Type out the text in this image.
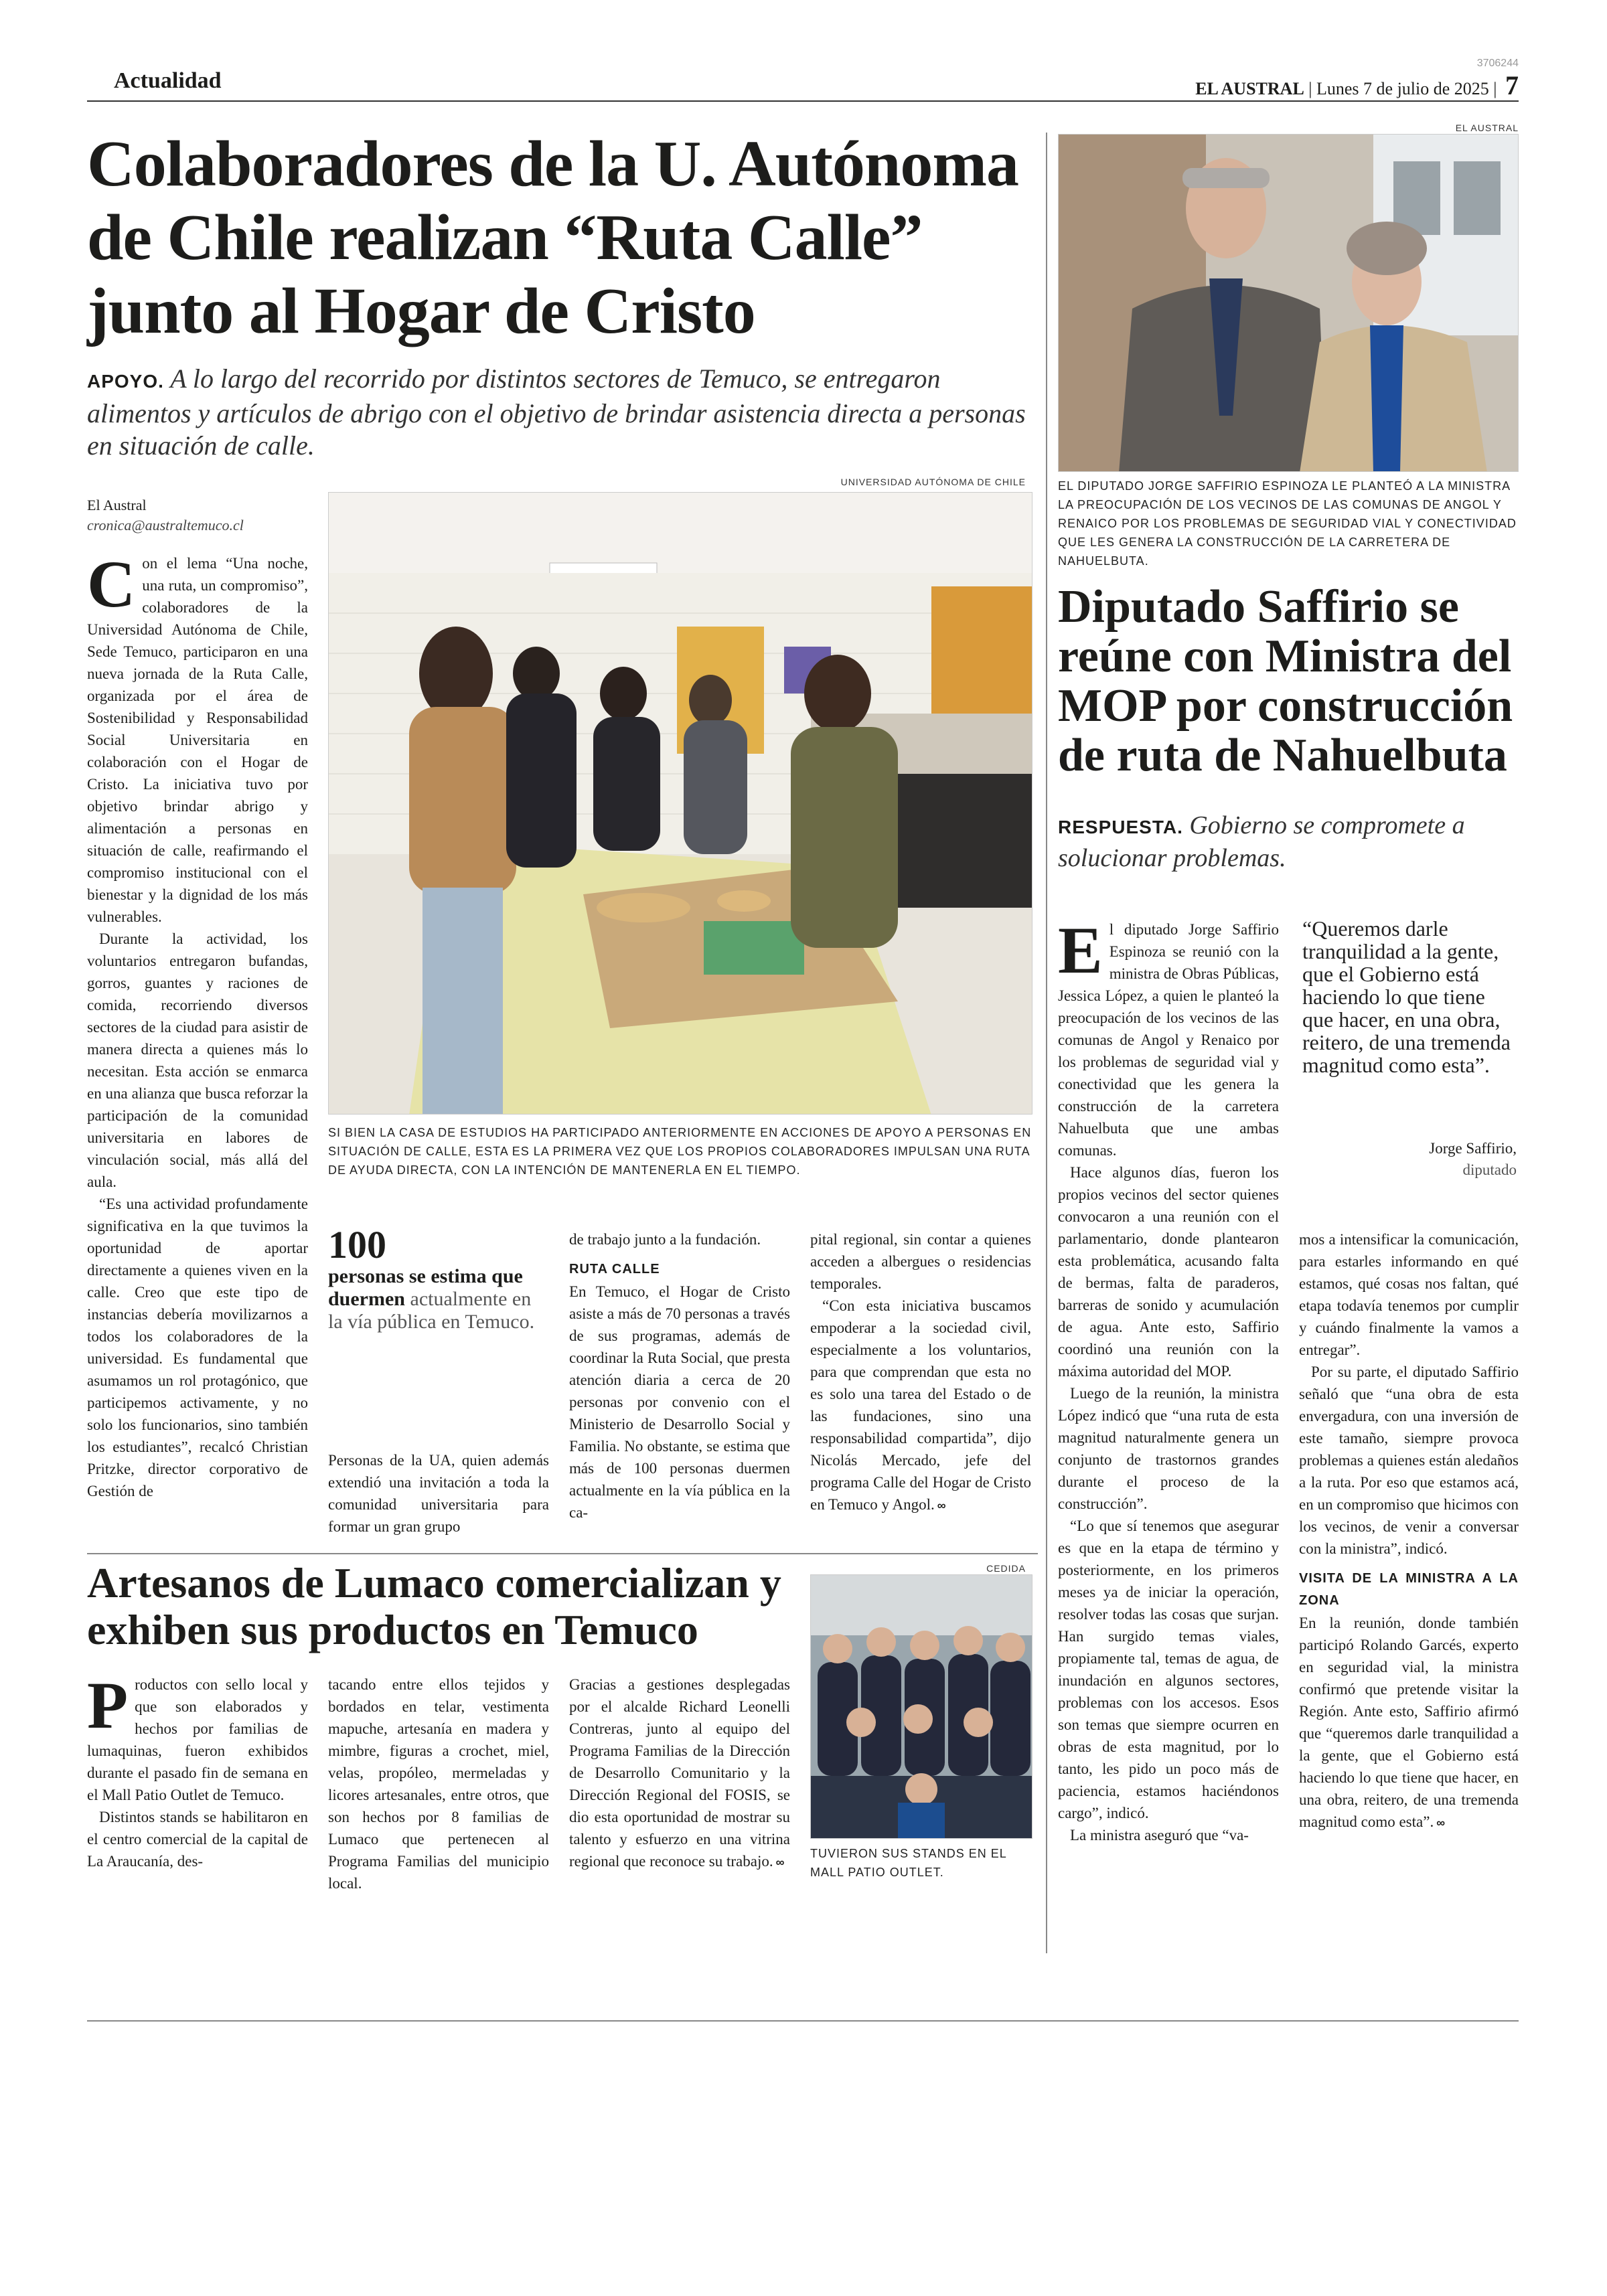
Actualidad	EL AUSTRAL | Lunes 7 de julio de 2025 | 7
3706244
Colaboradores de la U. Autónoma de Chile realizan “Ruta Calle” junto al Hogar de Cristo
APOYO. A lo largo del recorrido por distintos sectores de Temuco, se entregaron alimentos y artículos de abrigo con el objetivo de brindar asistencia directa a personas en situación de calle.
El Austral
cronica@australtemuco.cl
UNIVERSIDAD AUTÓNOMA DE CHILE
SI BIEN LA CASA DE ESTUDIOS HA PARTICIPADO ANTERIORMENTE EN ACCIONES DE APOYO A PERSONAS EN SITUACIÓN DE CALLE, ESTA ES LA PRIMERA VEZ QUE LOS PROPIOS COLABORADORES IMPULSAN UNA RUTA DE AYUDA DIRECTA, CON LA INTENCIÓN DE MANTENERLA EN EL TIEMPO.

Con el lema “Una noche, una ruta, un compromiso”, colaboradores de la Universidad Autónoma de Chile, Sede Temuco, participaron en una nueva jornada de la Ruta Calle, organizada por el área de Sostenibilidad y Responsabilidad Social Universitaria en colaboración con el Hogar de Cristo. La iniciativa tuvo por objetivo brindar abrigo y alimentación a personas en situación de calle, reafirmando el compromiso institucional con el bienestar y la dignidad de los más vulnerables.

Durante la actividad, los voluntarios entregaron bufandas, gorros, guantes y raciones de comida, recorriendo diversos sectores de la ciudad para asistir de manera directa a quienes más lo necesitan. Esta acción se enmarca en una alianza que busca reforzar la participación de la comunidad universitaria en labores de vinculación social, más allá del aula.

“Es una actividad profundamente significativa en la que tuvimos la oportunidad de aportar directamente a quienes viven en la calle. Creo que este tipo de instancias debería movilizarnos a todos los colaboradores de la universidad. Es fundamental que asumamos un rol protagónico, que participemos activamente, y no solo los funcionarios, sino también los estudiantes”, recalcó Christian Pritzke, director corporativo de Gestión de

100
personas se estima que duermen actualmente en la vía pública en Temuco.

Personas de la UA, quien además extendió una invitación a toda la comunidad universitaria para formar un gran grupo

de trabajo junto a la fundación.

RUTA CALLE

En Temuco, el Hogar de Cristo asiste a más de 70 personas a través de sus programas, además de coordinar la Ruta Social, que presta atención diaria a cerca de 20 personas por convenio con el Ministerio de Desarrollo Social y Familia. No obstante, se estima que más de 100 personas duermen actualmente en la vía pública en la ca-

pital regional, sin contar a quienes acceden a albergues o residencias temporales.

“Con esta iniciativa buscamos empoderar a la sociedad civil, especialmente a los voluntarios, para que comprendan que esta no es solo una tarea del Estado o de las fundaciones, sino una responsabilidad compartida”, dijo Nicolás Mercado, jefe del programa Calle del Hogar de Cristo en Temuco y Angol. ∞

EL AUSTRAL
EL DIPUTADO JORGE SAFFIRIO ESPINOZA LE PLANTEÓ A LA MINISTRA LA PREOCUPACIÓN DE LOS VECINOS DE LAS COMUNAS DE ANGOL Y RENAICO POR LOS PROBLEMAS DE SEGURIDAD VIAL Y CONECTIVIDAD QUE LES GENERA LA CONSTRUCCIÓN DE LA CARRETERA DE NAHUELBUTA.
Diputado Saffirio se reúne con Ministra del MOP por construcción de ruta de Nahuelbuta
RESPUESTA. Gobierno se compromete a solucionar problemas.

El diputado Jorge Saffirio Espinoza se reunió con la ministra de Obras Públicas, Jessica López, a quien le planteó la preocupación de los vecinos de las comunas de Angol y Renaico por los problemas de seguridad vial y conectividad que les genera la construcción de la carretera Nahuelbuta que une ambas comunas.

Hace algunos días, fueron los propios vecinos del sector quienes convocaron a una reunión con el parlamentario, donde plantearon esta problemática, acusando falta de bermas, falta de paraderos, barreras de sonido y acumulación de agua. Ante esto, Saffirio coordinó una reunión con la máxima autoridad del MOP.

Luego de la reunión, la ministra López indicó que “una ruta de esta magnitud naturalmente genera un conjunto de trastornos grandes durante el proceso de la construcción”.

“Lo que sí tenemos que asegurar es que en la etapa de término y posteriormente, en los primeros meses ya de iniciar la operación, resolver todas las cosas que surjan. Han surgido temas viales, propiamente tal, temas de agua, de inundación en algunos sectores, problemas con los accesos. Esos son temas que siempre ocurren en obras de esta magnitud, por lo tanto, les pido un poco más de paciencia, estamos haciéndonos cargo”, indicó.

La ministra aseguró que “va-

“Queremos darle tranquilidad a la gente, que el Gobierno está haciendo lo que tiene que hacer, en una obra, reitero, de una tremenda magnitud como esta”.
Jorge Saffirio,
diputado

mos a intensificar la comunicación, para estarles informando en qué estamos, qué cosas nos faltan, qué etapa todavía tenemos por cumplir y cuándo finalmente la vamos a entregar”.

Por su parte, el diputado Saffirio señaló que “una obra de esta envergadura, con una inversión de este tamaño, siempre provoca problemas a quienes están aledaños a la ruta. Por eso que estamos acá, en un compromiso que hicimos con los vecinos, de venir a conversar con la ministra”, indicó.

VISITA DE LA MINISTRA A LA ZONA

En la reunión, donde también participó Rolando Garcés, experto en seguridad vial, la ministra confirmó que pretende visitar la Región. Ante esto, Saffirio afirmó que “queremos darle tranquilidad a la gente, que el Gobierno está haciendo lo que tiene que hacer, en una obra, reitero, de una tremenda magnitud como esta”. ∞

Artesanos de Lumaco comercializan y exhiben sus productos en Temuco

Productos con sello local y que son elaborados y hechos por familias de lumaquinas, fueron exhibidos durante el pasado fin de semana en el Mall Patio Outlet de Temuco.

Distintos stands se habilitaron en el centro comercial de la capital de La Araucanía, des-

tacando entre ellos tejidos y bordados en telar, vestimenta mapuche, artesanía en madera y mimbre, figuras a crochet, miel, velas, propóleo, mermeladas y licores artesanales, entre otros, que son hechos por 8 familias de Lumaco que pertenecen al Programa Familias del municipio local.

Gracias a gestiones desplegadas por el alcalde Richard Leonelli Contreras, junto al equipo del Programa Familias de la Dirección de Desarrollo Comunitario y la Dirección Regional del FOSIS, se dio esta oportunidad de mostrar su talento y esfuerzo en una vitrina regional que reconoce su trabajo. ∞

CEDIDA
TUVIERON SUS STANDS EN EL MALL PATIO OUTLET.
